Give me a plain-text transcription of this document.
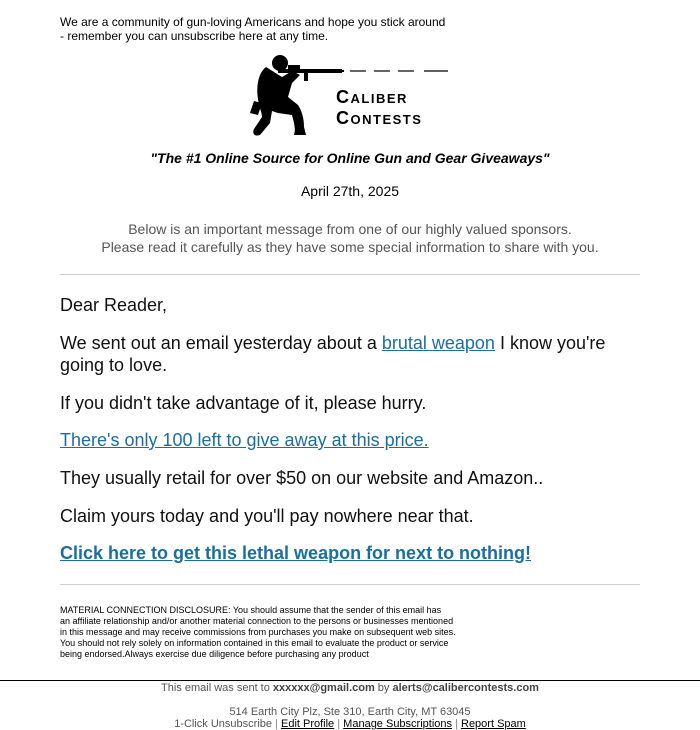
We are a community of gun-loving Americans and hope you stick around
- remember you can unsubscribe here at any time.
Caliber
Contests
"The #1 Online Source for Online Gun and Gear Giveaways"
April 27th, 2025
Below is an important message from one of our highly valued sponsors.
Please read it carefully as they have some special information to share with you.

Dear Reader,

We sent out an email yesterday about a brutal weapon I know you're going to love.

If you didn't take advantage of it, please hurry.

There's only 100 left to give away at this price.

They usually retail for over $50 on our website and Amazon..

Claim yours today and you'll pay nowhere near that.

Click here to get this lethal weapon for next to nothing!

MATERIAL CONNECTION DISCLOSURE: You should assume that the sender of this email has
an affiliate relationship and/or another material connection to the persons or businesses mentioned
in this message and may receive commissions from purchases you make on subsequent web sites.
You should not rely solely on information contained in this email to evaluate the product or service
being endorsed.Always exercise due diligence before purchasing any product
This email was sent to xxxxxx@gmail.com by alerts@calibercontests.com
514 Earth City Plz, Ste 310, Earth City, MT 63045
1-Click Unsubscribe | Edit Profile | Manage Subscriptions | Report Spam
